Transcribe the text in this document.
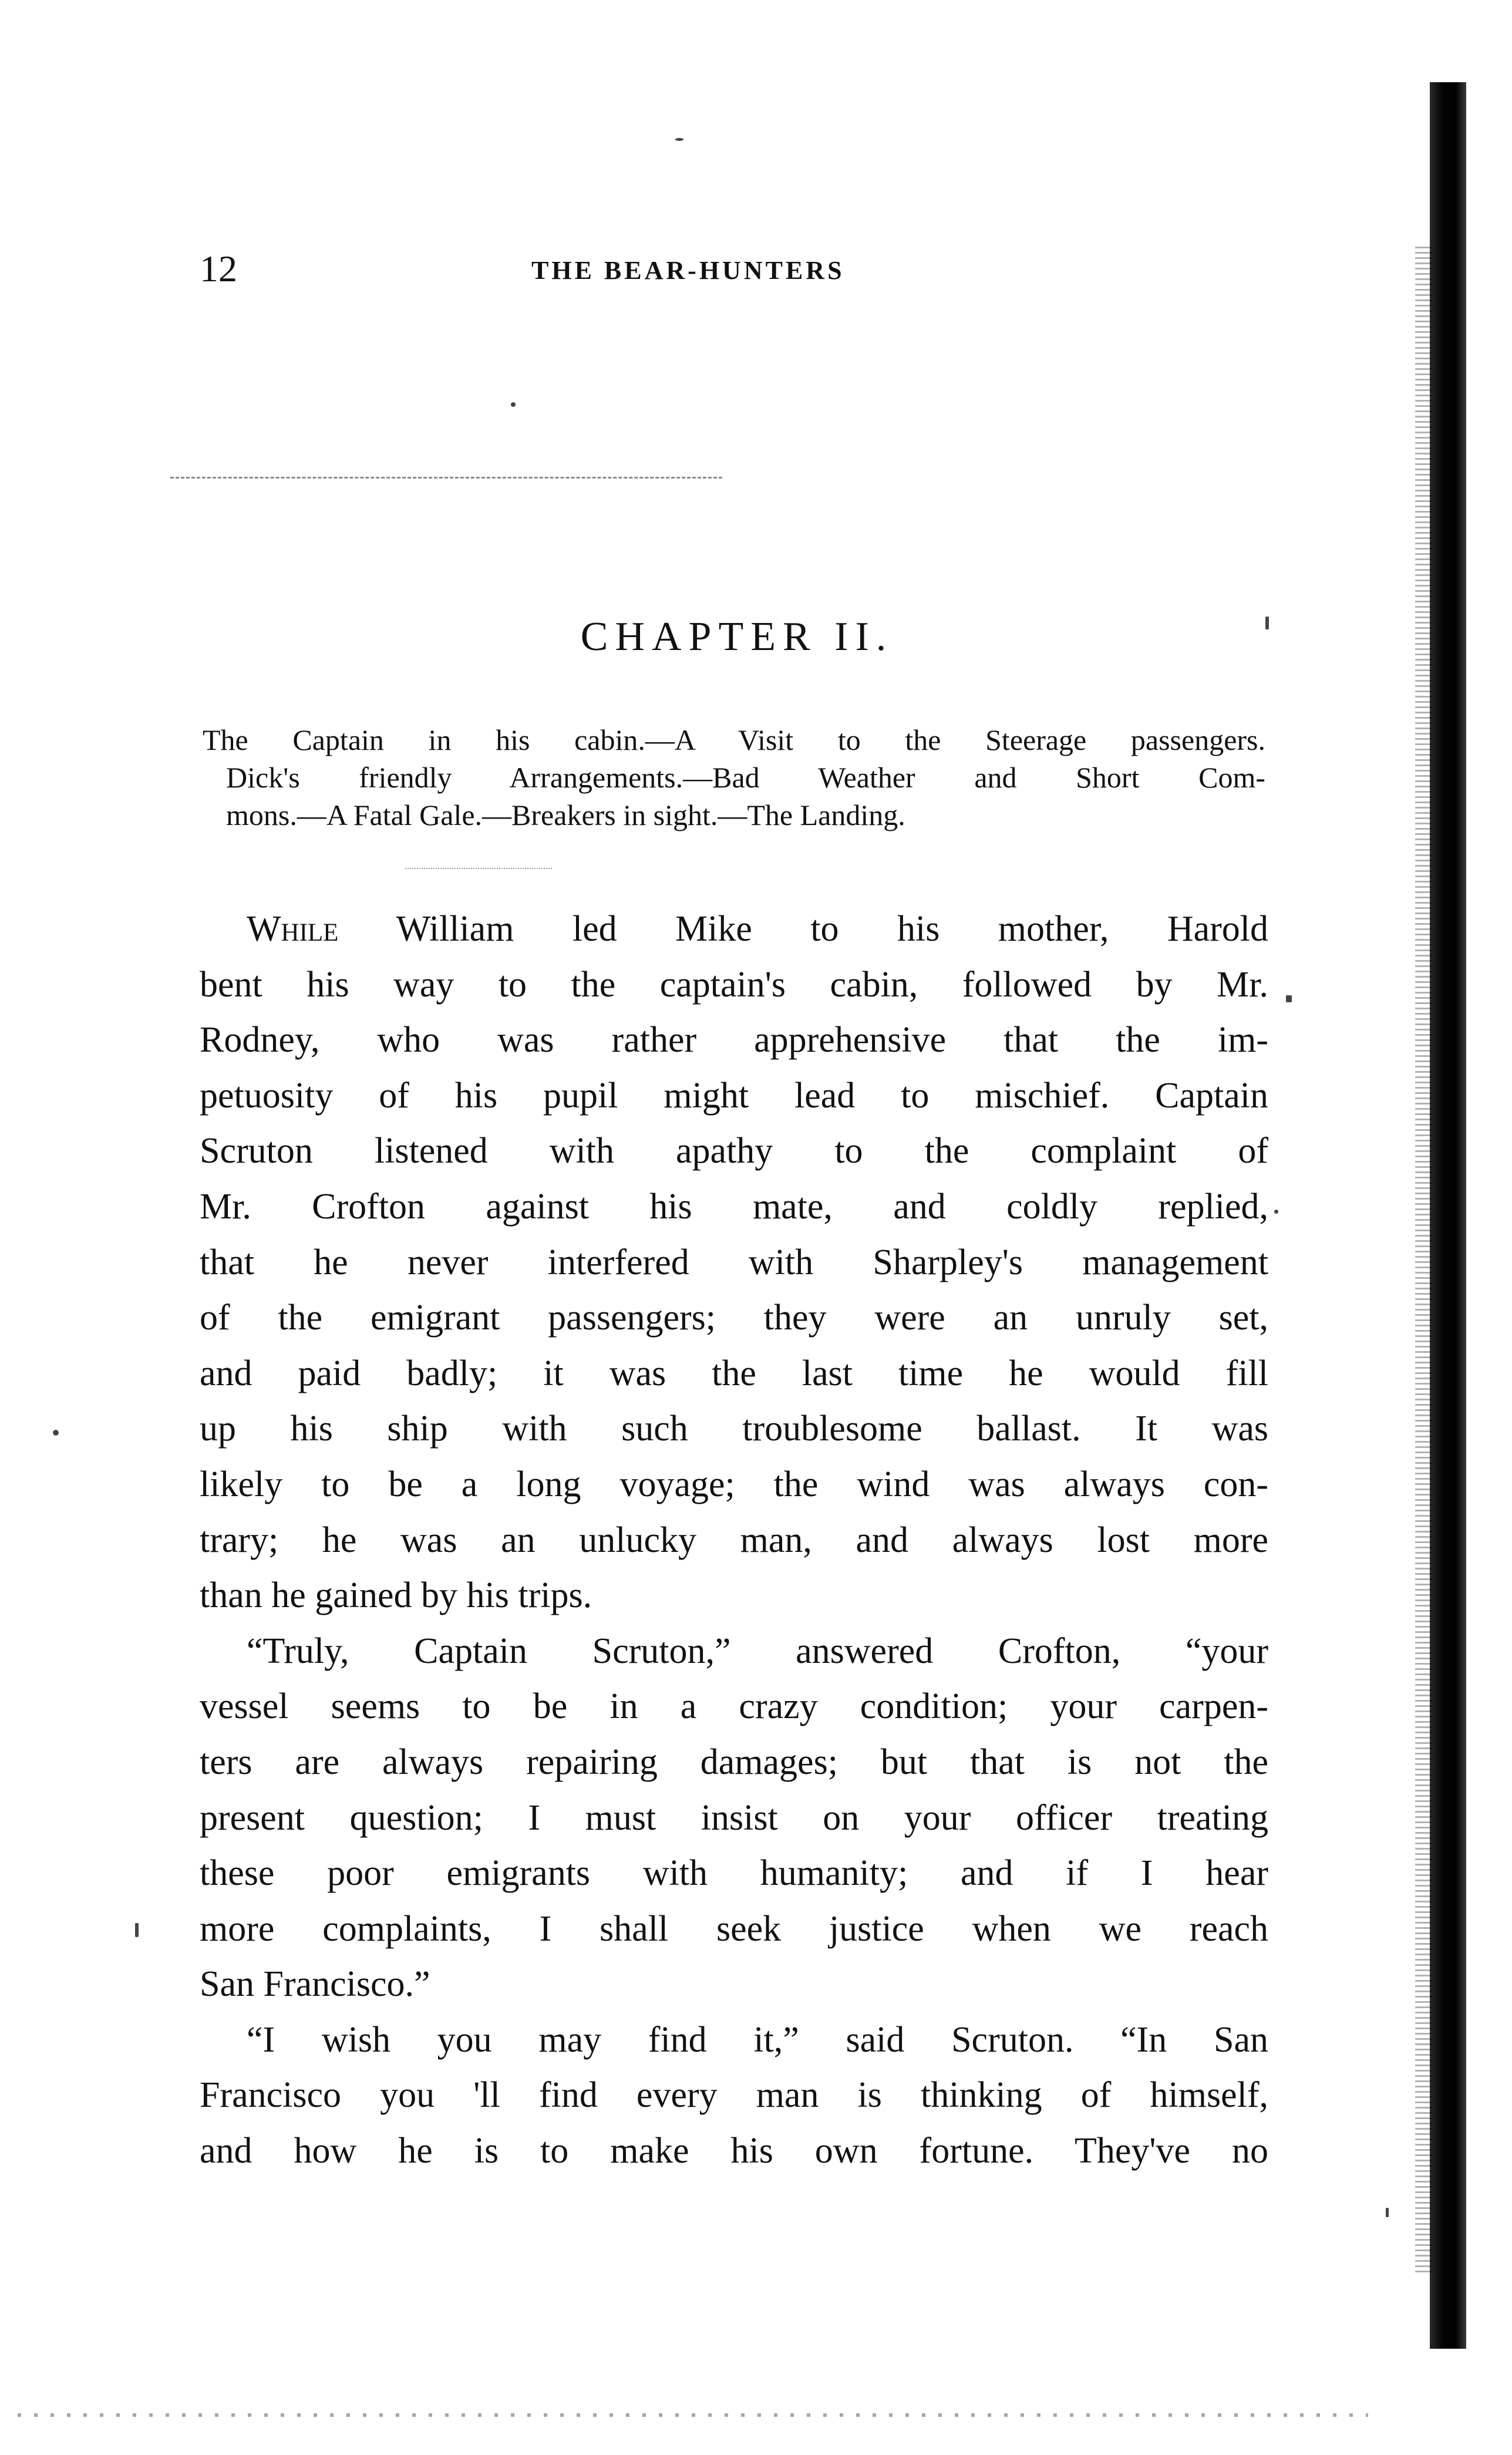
12	THE BEAR-HUNTERS
CHAPTER II.
The Captain in his cabin.—A Visit to the Steerage passengers.
Dick's friendly Arrangements.—Bad Weather and Short Com-
mons.—A Fatal Gale.—Breakers in sight.—The Landing.
While William led Mike to his mother, Harold
bent his way to the captain's cabin, followed by Mr.
Rodney, who was rather apprehensive that the im-
petuosity of his pupil might lead to mischief. Captain
Scruton listened with apathy to the complaint of
Mr. Crofton against his mate, and coldly replied,
that he never interfered with Sharpley's management
of the emigrant passengers; they were an unruly set,
and paid badly; it was the last time he would fill
up his ship with such troublesome ballast. It was
likely to be a long voyage; the wind was always con-
trary; he was an unlucky man, and always lost more
than he gained by his trips.
“Truly, Captain Scruton,” answered Crofton, “your
vessel seems to be in a crazy condition; your carpen-
ters are always repairing damages; but that is not the
present question; I must insist on your officer treating
these poor emigrants with humanity; and if I hear
more complaints, I shall seek justice when we reach
San Francisco.”
“I wish you may find it,” said Scruton. “In San
Francisco you 'll find every man is thinking of himself,
and how he is to make his own fortune. They've no
